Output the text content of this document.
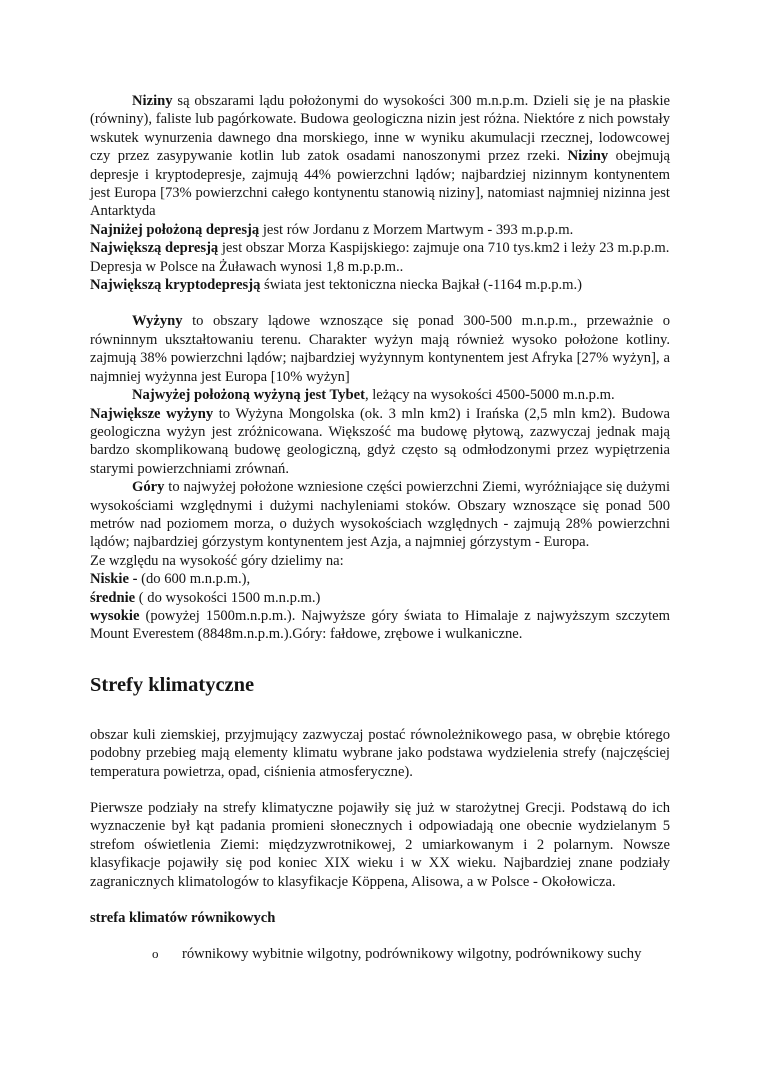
Niziny są obszarami lądu położonymi do wysokości 300 m.n.p.m. Dzieli się je na płaskie (równiny), faliste lub pagórkowate. Budowa geologiczna nizin jest różna. Niektóre z nich powstały wskutek wynurzenia dawnego dna morskiego, inne w wyniku akumulacji rzecznej, lodowcowej czy przez zasypywanie kotlin lub zatok osadami nanoszonymi przez rzeki. Niziny obejmują depresje i kryptodepresje, zajmują 44% powierzchni lądów; najbardziej nizinnym kontynentem jest Europa [73% powierzchni całego kontynentu stanowią niziny], natomiast najmniej nizinna jest Antarktyda

Najniżej położoną depresją jest rów Jordanu z Morzem Martwym - 393 m.p.p.m.

Największą depresją jest obszar Morza Kaspijskiego: zajmuje ona 710 tys.km2 i leży 23 m.p.p.m.

Depresja w Polsce na Żuławach wynosi 1,8 m.p.p.m..

Największą kryptodepresją świata jest tektoniczna niecka Bajkał (-1164 m.p.p.m.)

Wyżyny to obszary lądowe wznoszące się ponad 300-500 m.n.p.m., przeważnie o równinnym ukształtowaniu terenu. Charakter wyżyn mają również wysoko położone kotliny. zajmują 38% powierzchni lądów; najbardziej wyżynnym kontynentem jest Afryka [27% wyżyn], a najmniej wyżynna jest Europa [10% wyżyn]

Najwyżej położoną wyżyną jest Tybet, leżący na wysokości 4500-5000 m.n.p.m.

Największe wyżyny to Wyżyna Mongolska (ok. 3 mln km2) i Irańska (2,5 mln km2). Budowa geologiczna wyżyn jest zróżnicowana. Większość ma budowę płytową, zazwyczaj jednak mają bardzo skomplikowaną budowę geologiczną, gdyż często są odmłodzonymi przez wypiętrzenia starymi powierzchniami zrównań.

Góry to najwyżej położone wzniesione części powierzchni Ziemi, wyróżniające się dużymi wysokościami względnymi i dużymi nachyleniami stoków. Obszary wznoszące się ponad 500 metrów nad poziomem morza, o dużych wysokościach względnych - zajmują 28% powierzchni lądów; najbardziej górzystym kontynentem jest Azja, a najmniej górzystym - Europa.

Ze względu na wysokość góry dzielimy na:

Niskie - (do 600 m.n.p.m.),

średnie ( do wysokości 1500 m.n.p.m.)

wysokie (powyżej 1500m.n.p.m.). Najwyższe góry świata to Himalaje z najwyższym szczytem Mount Everestem (8848m.n.p.m.).Góry: fałdowe, zrębowe i wulkaniczne.

Strefy klimatyczne

obszar kuli ziemskiej, przyjmujący zazwyczaj postać równoleżnikowego pasa, w obrębie którego podobny przebieg mają elementy klimatu wybrane jako podstawa wydzielenia strefy (najczęściej temperatura powietrza, opad, ciśnienia atmosferyczne).

Pierwsze podziały na strefy klimatyczne pojawiły się już w starożytnej Grecji. Podstawą do ich wyznaczenie był kąt padania promieni słonecznych i odpowiadają one obecnie wydzielanym 5 strefom oświetlenia Ziemi: międzyzwrotnikowej, 2 umiarkowanym i 2 polarnym. Nowsze klasyfikacje pojawiły się pod koniec XIX wieku i w XX wieku. Najbardziej znane podziały zagranicznych klimatologów to klasyfikacje Köppena, Alisowa, a w Polsce - Okołowicza.

strefa klimatów równikowych

o równikowy wybitnie wilgotny, podrównikowy wilgotny, podrównikowy suchy
